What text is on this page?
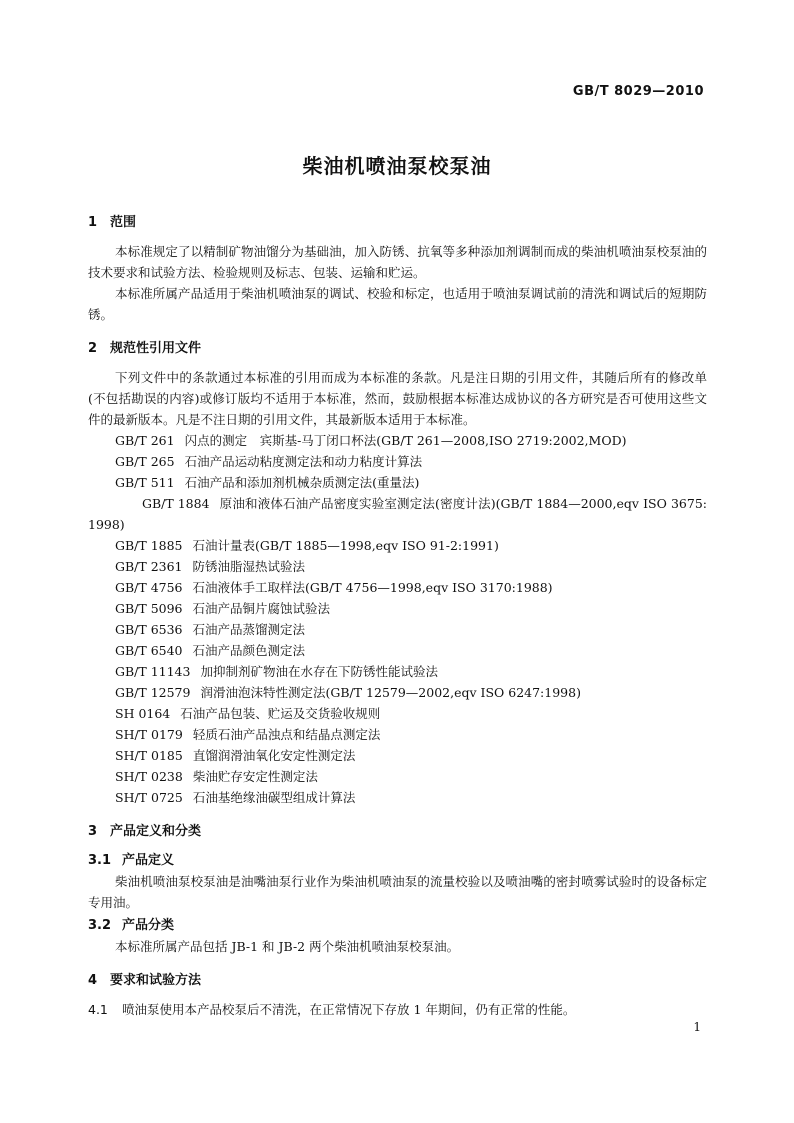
GB/T 8029—2010
柴油机喷油泵校泵油
1 范围
本标准规定了以精制矿物油馏分为基础油，加入防锈、抗氧等多种添加剂调制而成的柴油机喷油泵校泵油的技术要求和试验方法、检验规则及标志、包装、运输和贮运。
本标准所属产品适用于柴油机喷油泵的调试、校验和标定，也适用于喷油泵调试前的清洗和调试后的短期防锈。
2 规范性引用文件
下列文件中的条款通过本标准的引用而成为本标准的条款。凡是注日期的引用文件，其随后所有的修改单(不包括勘误的内容)或修订版均不适用于本标准，然而，鼓励根据本标准达成协议的各方研究是否可使用这些文件的最新版本。凡是不注日期的引用文件，其最新版本适用于本标准。
GB/T 261 闪点的测定　宾斯基-马丁闭口杯法(GB/T 261—2008,ISO 2719:2002,MOD)
GB/T 265 石油产品运动粘度测定法和动力粘度计算法
GB/T 511 石油产品和添加剂机械杂质测定法(重量法)
GB/T 1884 原油和液体石油产品密度实验室测定法(密度计法)(GB/T 1884—2000,eqv ISO 3675:1998)
GB/T 1885 石油计量表(GB/T 1885—1998,eqv ISO 91-2:1991)
GB/T 2361 防锈油脂湿热试验法
GB/T 4756 石油液体手工取样法(GB/T 4756—1998,eqv ISO 3170:1988)
GB/T 5096 石油产品铜片腐蚀试验法
GB/T 6536 石油产品蒸馏测定法
GB/T 6540 石油产品颜色测定法
GB/T 11143 加抑制剂矿物油在水存在下防锈性能试验法
GB/T 12579 润滑油泡沫特性测定法(GB/T 12579—2002,eqv ISO 6247:1998)
SH 0164 石油产品包装、贮运及交货验收规则
SH/T 0179 轻质石油产品浊点和结晶点测定法
SH/T 0185 直馏润滑油氧化安定性测定法
SH/T 0238 柴油贮存安定性测定法
SH/T 0725 石油基绝缘油碳型组成计算法
3 产品定义和分类
3.1 产品定义
柴油机喷油泵校泵油是油嘴油泵行业作为柴油机喷油泵的流量校验以及喷油嘴的密封喷雾试验时的设备标定专用油。
3.2 产品分类
本标准所属产品包括 JB-1 和 JB-2 两个柴油机喷油泵校泵油。
4 要求和试验方法
4.1 喷油泵使用本产品校泵后不清洗，在正常情况下存放 1 年期间，仍有正常的性能。
1
